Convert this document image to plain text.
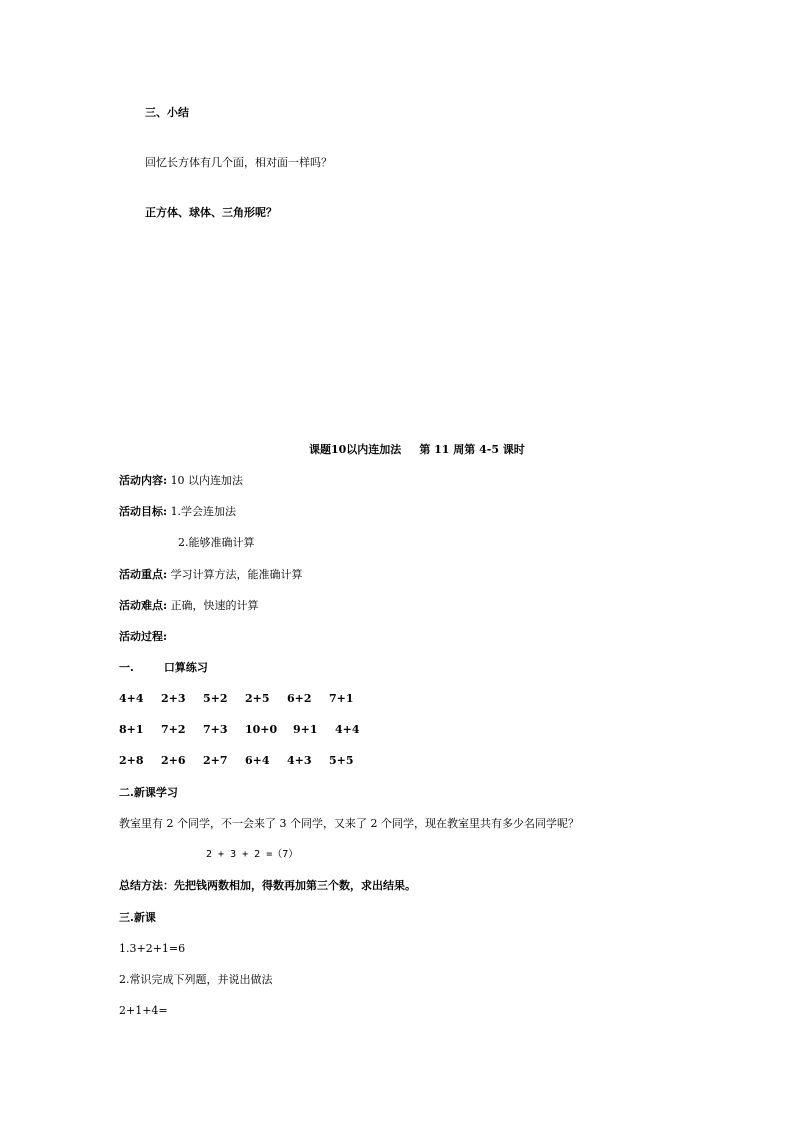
三、小结
回忆长方体有几个面，相对面一样吗？
正方体、球体、三角形呢？
课题10以内连加法 第 11 周第 4-5 课时
活动内容: 10 以内连加法
活动目标: 1.学会连加法
2.能够准确计算
活动重点: 学习计算方法，能准确计算
活动难点: 正确，快速的计算
活动过程:
一.	口算练习
4+4 2+3 5+2 2+5 6+2 7+1
8+1 7+2 7+3 10+0 9+1 4+4
2+8 2+6 2+7 6+4 4+3 5+5
二.新课学习
教室里有 2 个同学，不一会来了 3 个同学，又来了 2 个同学，现在教室里共有多少名同学呢？
2 + 3 + 2 =（7）
总结方法：先把钱两数相加，得数再加第三个数，求出结果。
三.新课
1.3+2+1=6
2.常识完成下列题，并说出做法
2+1+4=
